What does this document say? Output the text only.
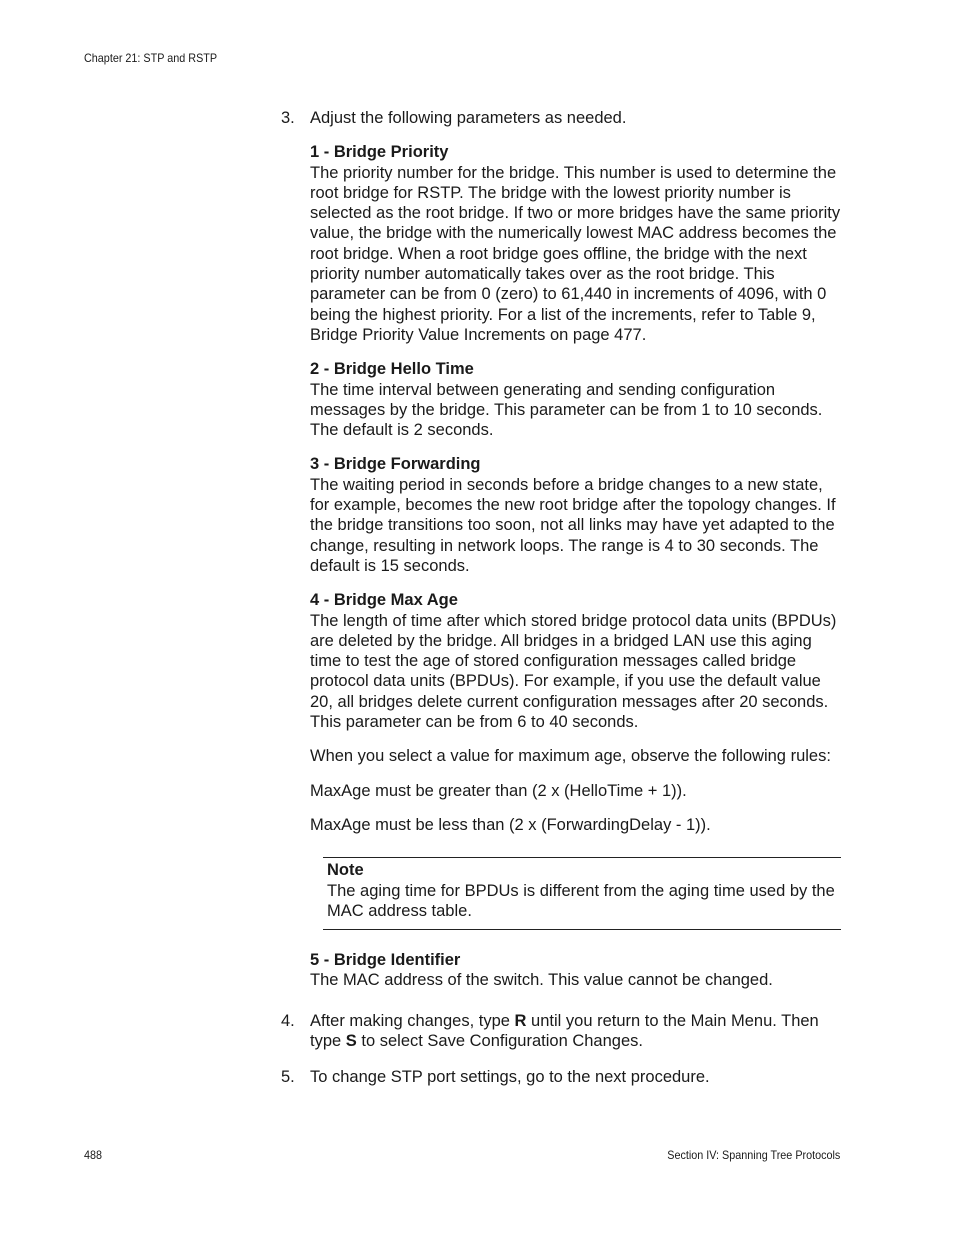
Chapter 21: STP and RSTP
3. Adjust the following parameters as needed.

1 - Bridge Priority

The priority number for the bridge. This number is used to determine the root bridge for RSTP. The bridge with the lowest priority number is selected as the root bridge. If two or more bridges have the same priority value, the bridge with the numerically lowest MAC address becomes the root bridge. When a root bridge goes offline, the bridge with the next priority number automatically takes over as the root bridge. This parameter can be from 0 (zero) to 61,440 in increments of 4096, with 0 being the highest priority. For a list of the increments, refer to Table 9, Bridge Priority Value Increments on page 477.

2 - Bridge Hello Time

The time interval between generating and sending configuration messages by the bridge. This parameter can be from 1 to 10 seconds. The default is 2 seconds.

3 - Bridge Forwarding

The waiting period in seconds before a bridge changes to a new state, for example, becomes the new root bridge after the topology changes. If the bridge transitions too soon, not all links may have yet adapted to the change, resulting in network loops. The range is 4 to 30 seconds. The default is 15 seconds.

4 - Bridge Max Age

The length of time after which stored bridge protocol data units (BPDUs) are deleted by the bridge. All bridges in a bridged LAN use this aging time to test the age of stored configuration messages called bridge protocol data units (BPDUs). For example, if you use the default value 20, all bridges delete current configuration messages after 20 seconds. This parameter can be from 6 to 40 seconds.

When you select a value for maximum age, observe the following rules:

MaxAge must be greater than (2 x (HelloTime + 1)).

MaxAge must be less than (2 x (ForwardingDelay - 1)).

Note

The aging time for BPDUs is different from the aging time used by the MAC address table.

5 - Bridge Identifier

The MAC address of the switch. This value cannot be changed.

4. After making changes, type R until you return to the Main Menu. Then type S to select Save Configuration Changes.
5. To change STP port settings, go to the next procedure.
488	Section IV: Spanning Tree Protocols
